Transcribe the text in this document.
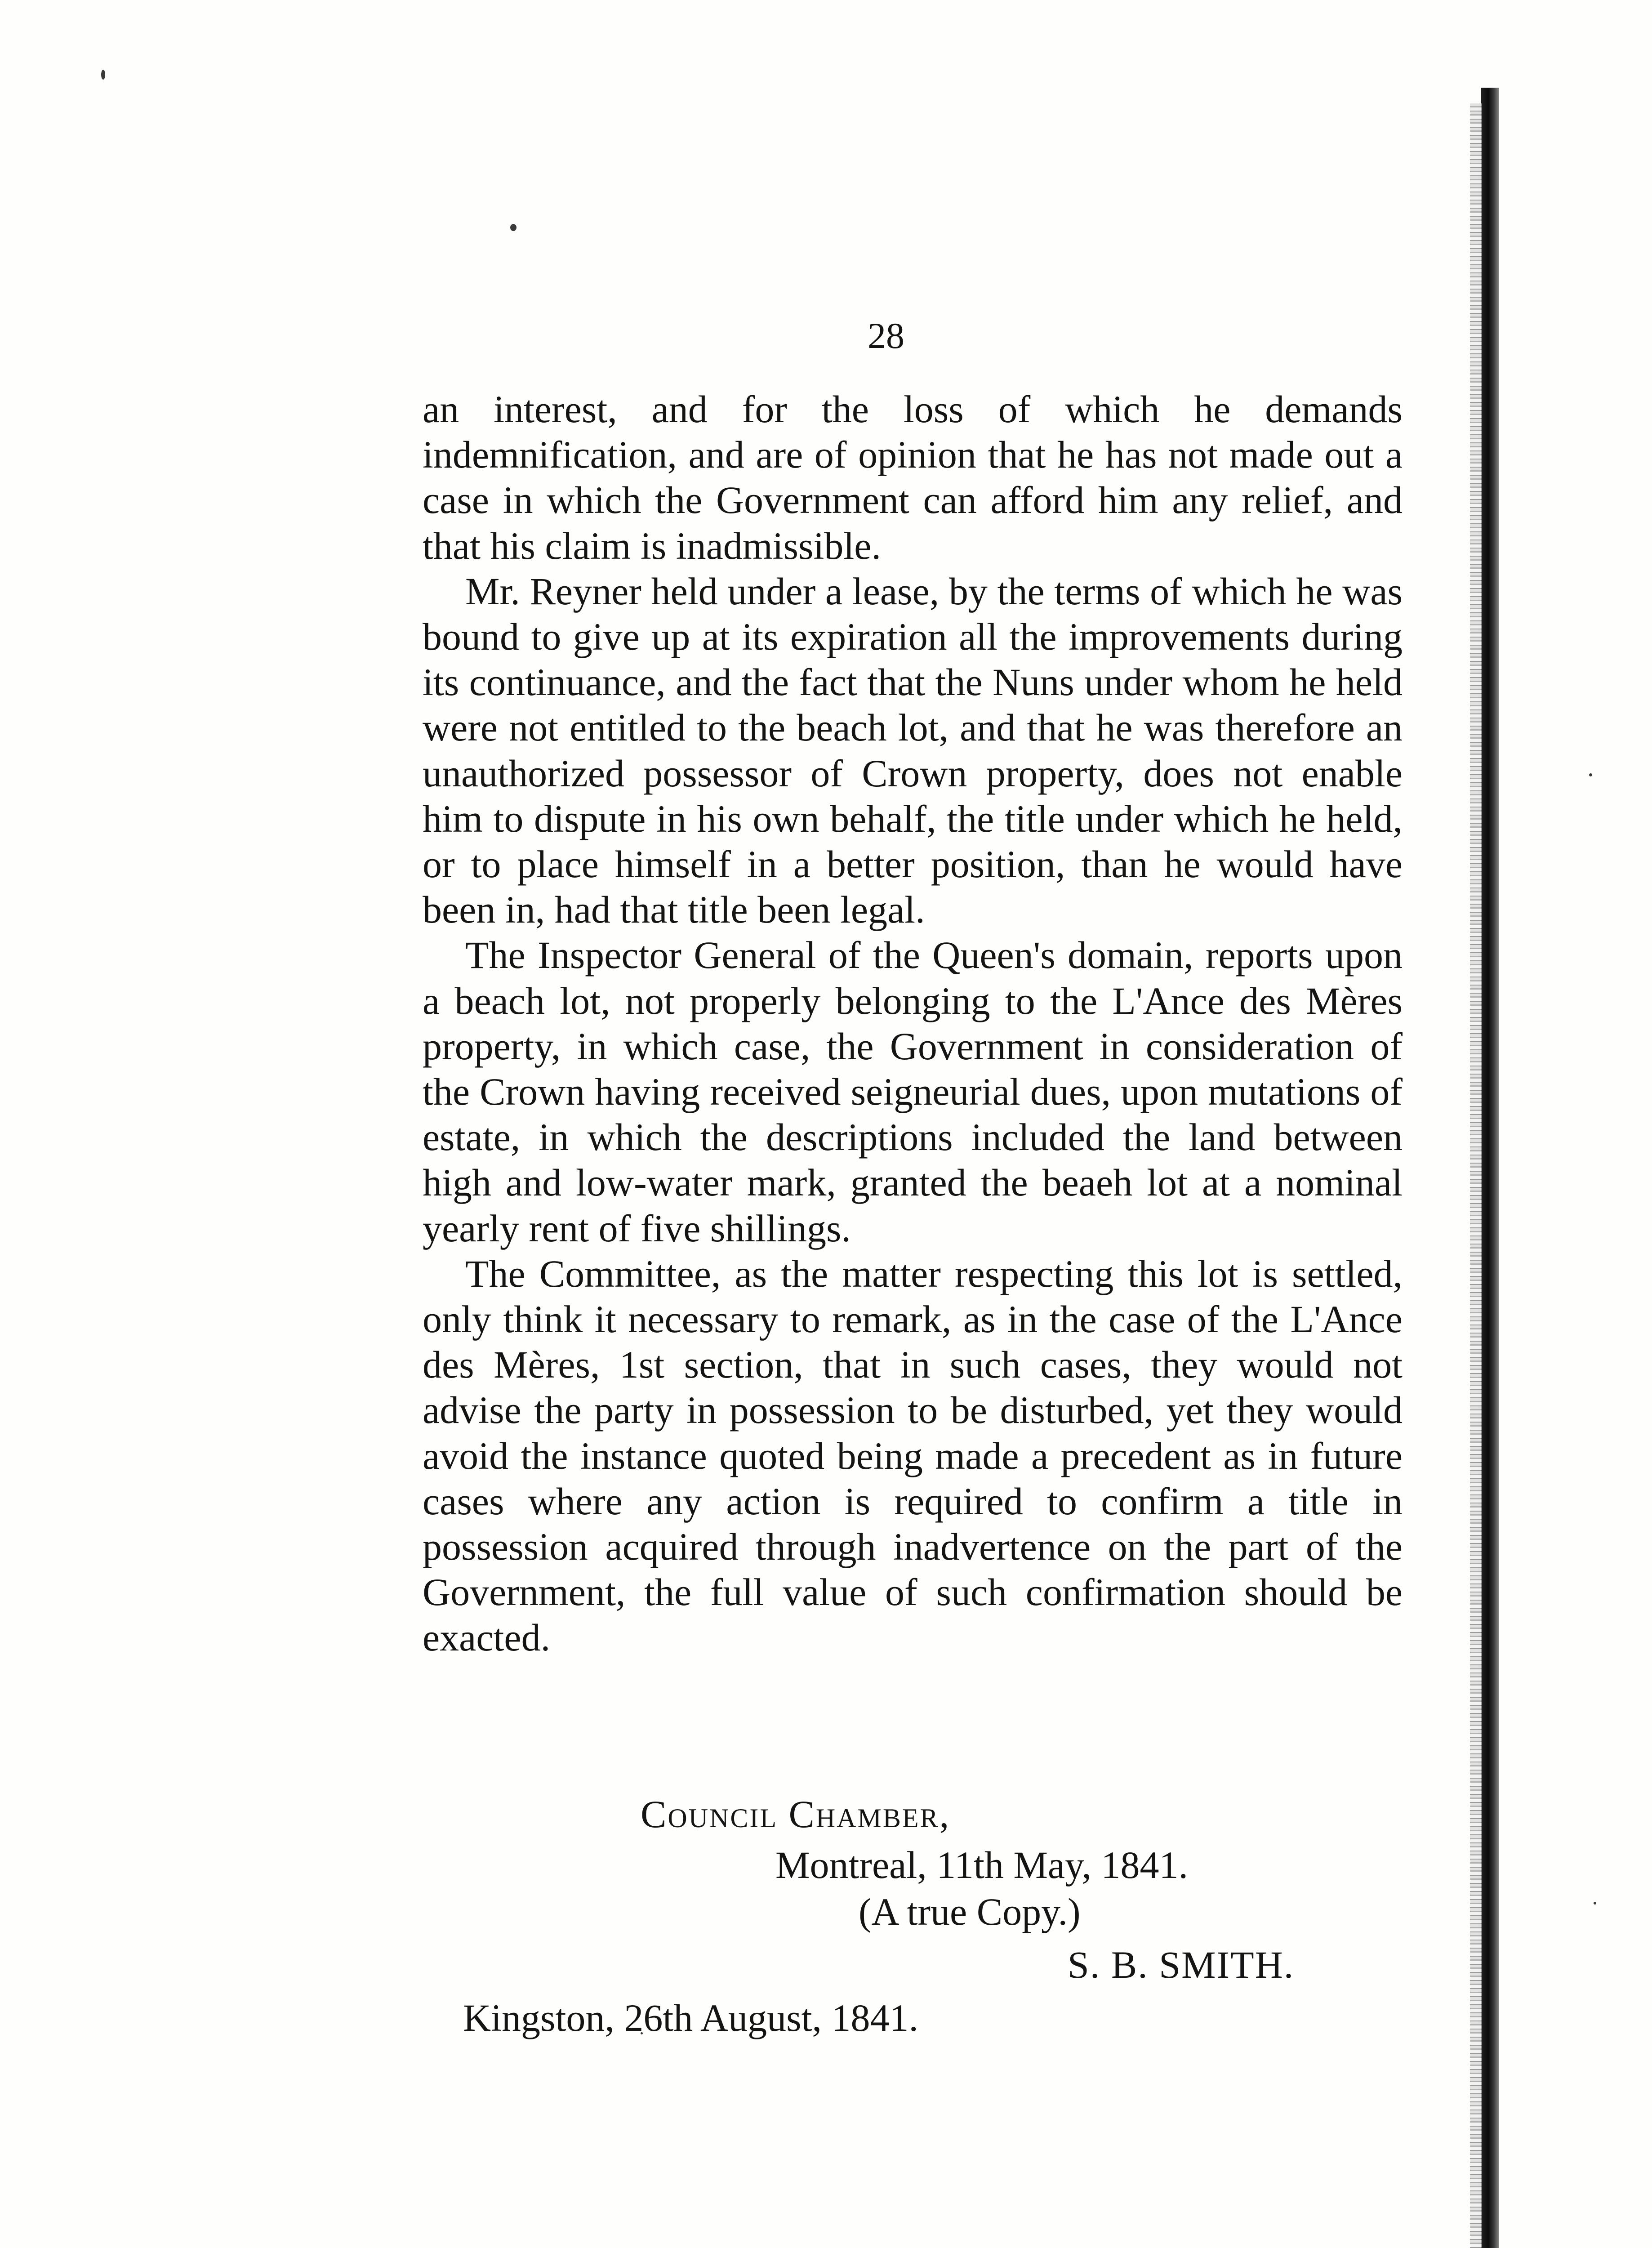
28

an interest, and for the loss of which he demands indemnification, and are of opinion that he has not made out a case in which the Government can afford him any relief, and that his claim is inadmissible.

Mr. Reyner held under a lease, by the terms of which he was bound to give up at its expiration all the improvements during its continuance, and the fact that the Nuns under whom he held were not entitled to the beach lot, and that he was therefore an unauthorized possessor of Crown property, does not enable him to dispute in his own behalf, the title under which he held, or to place himself in a better position, than he would have been in, had that title been legal.

The Inspector General of the Queen's domain, reports upon a beach lot, not properly belonging to the L'Ance des Mères property, in which case, the Government in consideration of the Crown having received seigneurial dues, upon mutations of estate, in which the descriptions included the land between high and low-water mark, granted the beaeh lot at a nominal yearly rent of five shillings.

The Committee, as the matter respecting this lot is settled, only think it necessary to remark, as in the case of the L'Ance des Mères, 1st section, that in such cases, they would not advise the party in possession to be disturbed, yet they would avoid the instance quoted being made a precedent as in future cases where any action is required to confirm a title in possession acquired through inadvertence on the part of the Government, the full value of such confirmation should be exacted.

Council Chamber,
Montreal, 11th May, 1841.
(A true Copy.)
S. B. SMITH.
Kingston, 26th August, 1841.
